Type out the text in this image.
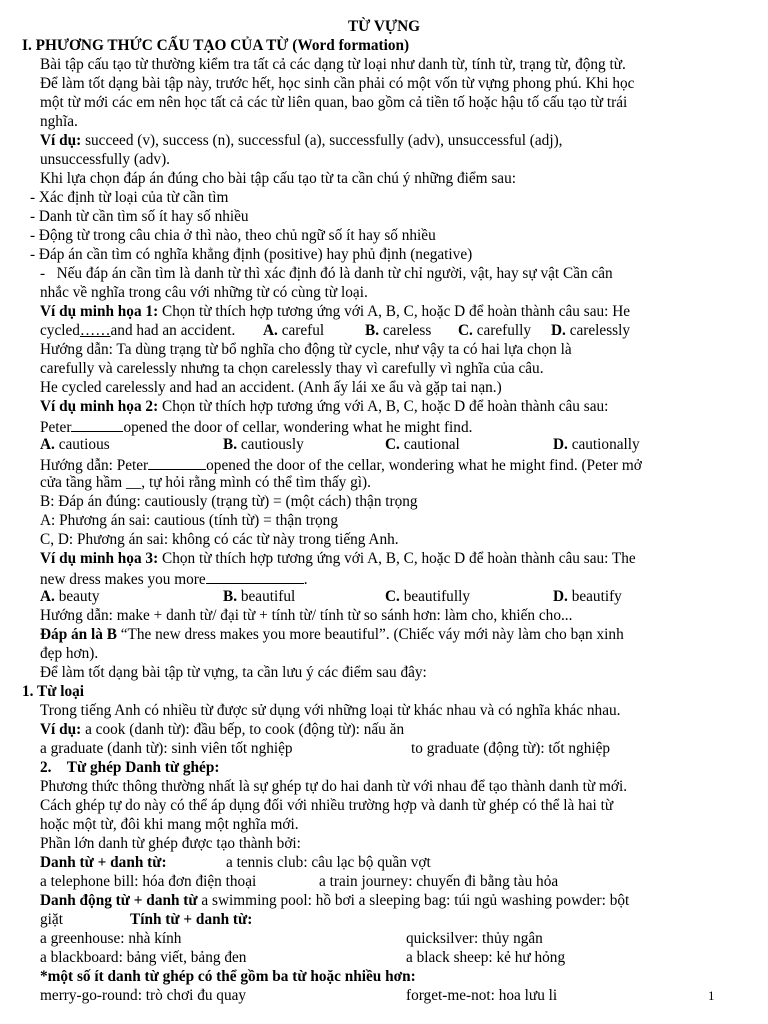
TỪ VỰNG
I. PHƯƠNG THỨC CẤU TẠO CỦA TỪ (Word formation)
Bài tập cấu tạo từ thường kiểm tra tất cả các dạng từ loại như danh từ, tính từ, trạng từ, động từ.
Để làm tốt dạng bài tập này, trước hết, học sinh cần phải có một vốn từ vựng phong phú. Khi học
một từ mới các em nên học tất cả các từ liên quan, bao gồm cả tiền tố hoặc hậu tố cấu tạo từ trái
nghĩa.
Ví dụ: succeed (v), success (n), successful (a), successfully (adv), unsuccessful (adj),
unsuccessfully (adv).
Khi lựa chọn đáp án đúng cho bài tập cấu tạo từ ta cần chú ý những điểm sau:
- Xác định từ loại của từ cần tìm
- Danh từ cần tìm số ít hay số nhiều
- Động từ trong câu chia ở thì nào, theo chủ ngữ số ít hay số nhiều
- Đáp án cần tìm có nghĩa khẳng định (positive) hay phủ định (negative)
- Nếu đáp án cần tìm là danh từ thì xác định đó là danh từ chỉ người, vật, hay sự vật Cần cân
nhắc về nghĩa trong câu với những từ có cùng từ loại.
Ví dụ minh họa 1: Chọn từ thích hợp tương ứng với A, B, C, hoặc D để hoàn thành câu sau: He
cycled……and had an accident. A. careful	B. careless C. carefully D. carelessly
Hướng dẫn: Ta dùng trạng từ bổ nghĩa cho động từ cycle, như vậy ta có hai lựa chọn là
carefully và carelessly nhưng ta chọn carelessly thay vì carefully vì nghĩa của câu.
He cycled carelessly and had an accident. (Anh ấy lái xe ẩu và gặp tai nạn.)
Ví dụ minh họa 2: Chọn từ thích hợp tương ứng với A, B, C, hoặc D để hoàn thành câu sau:
Peter	opened the door of cellar, wondering what he might find.
A. cautious	B. cautiously	C. cautional	D. cautionally
Hướng dẫn: Peter	opened the door of the cellar, wondering what he might find. (Peter mở
cửa tầng hầm __, tự hỏi rằng mình có thể tìm thấy gì).
B: Đáp án đúng: cautiously (trạng từ) = (một cách) thận trọng
A: Phương án sai: cautious (tính từ) = thận trọng
C, D: Phương án sai: không có các từ này trong tiếng Anh.
Ví dụ minh họa 3: Chọn từ thích hợp tương ứng với A, B, C, hoặc D để hoàn thành câu sau: The
new dress makes you more	.
A. beauty	B. beautiful	C. beautifully	D. beautify
Hướng dẫn: make + danh từ/ đại từ + tính từ/ tính từ so sánh hơn: làm cho, khiến cho...
Đáp án là B “The new dress makes you more beautiful”. (Chiếc váy mới này làm cho bạn xinh
đẹp hơn).
Để làm tốt dạng bài tập từ vựng, ta cần lưu ý các điểm sau đây:
1. Từ loại
Trong tiếng Anh có nhiều từ được sử dụng với những loại từ khác nhau và có nghĩa khác nhau.
Ví dụ: a cook (danh từ): đầu bếp, to cook (động từ): nấu ăn
a graduate (danh từ): sinh viên tốt nghiệp	to graduate (động từ): tốt nghiệp
2. Từ ghép Danh từ ghép:
Phương thức thông thường nhất là sự ghép tự do hai danh từ với nhau để tạo thành danh từ mới.
Cách ghép tự do này có thể áp dụng đối với nhiều trường hợp và danh từ ghép có thể là hai từ
hoặc một từ, đôi khi mang một nghĩa mới.
Phần lớn danh từ ghép được tạo thành bởi:
Danh từ + danh từ:	a tennis club: câu lạc bộ quần vợt
a telephone bill: hóa đơn điện thoại	a train journey: chuyến đi bằng tàu hỏa
Danh động từ + danh từ a swimming pool: hồ bơi a sleeping bag: túi ngủ washing powder: bột
giặt	Tính từ + danh từ:
a greenhouse: nhà kính	quicksilver: thủy ngân
a blackboard: bảng viết, bảng đen	a black sheep: kẻ hư hỏng
*một số ít danh từ ghép có thể gồm ba từ hoặc nhiều hơn:
merry-go-round: trò chơi đu quay	forget-me-not: hoa lưu li	1
